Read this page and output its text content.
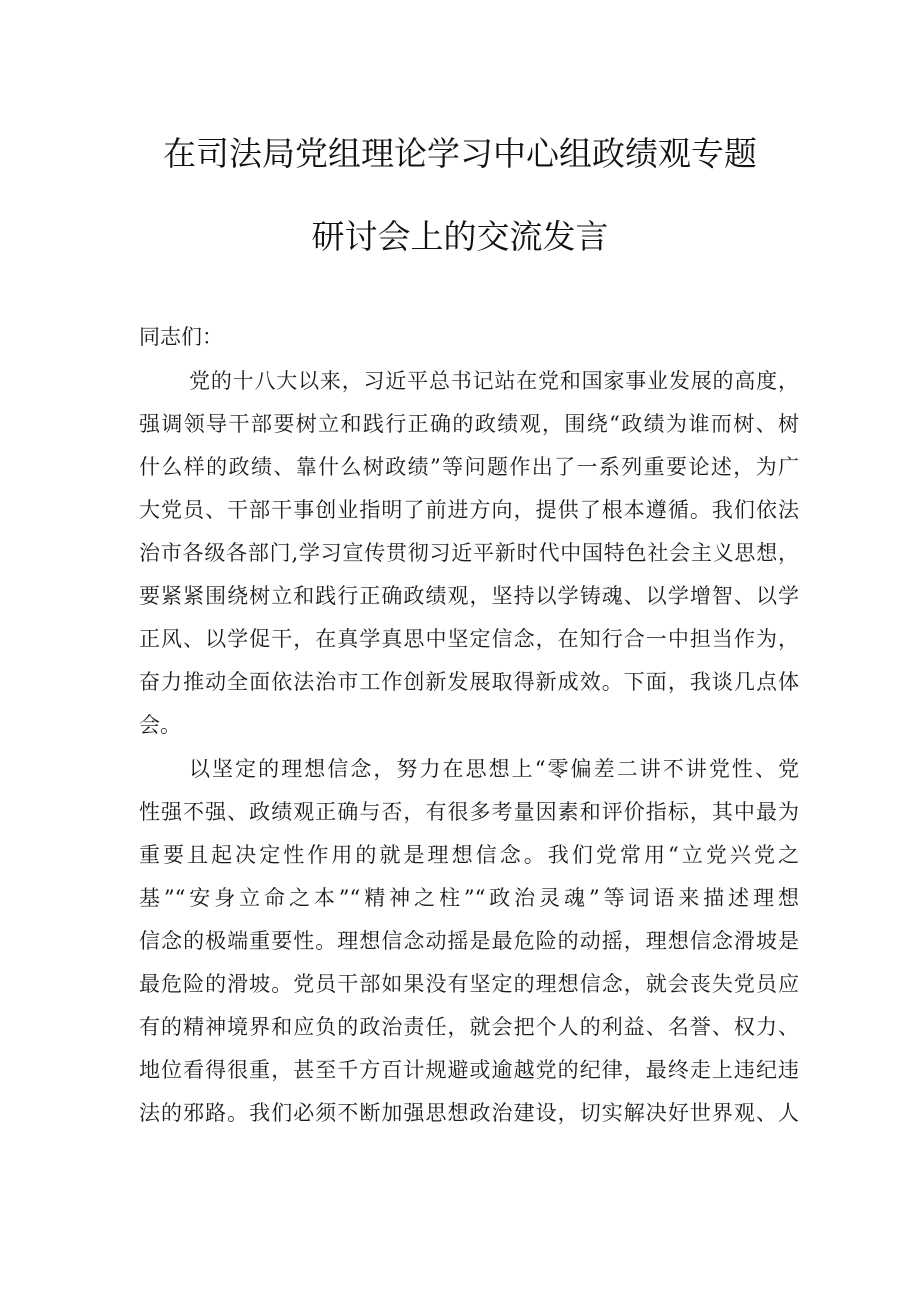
在司法局党组理论学习中心组政绩观专题
研讨会上的交流发言
同志们：
党的十八大以来，习近平总书记站在党和国家事业发展的高度，
强调领导干部要树立和践行正确的政绩观，围绕“政绩为谁而树、树
什么样的政绩、靠什么树政绩”等问题作出了一系列重要论述，为广
大党员、干部干事创业指明了前进方向，提供了根本遵循。我们依法
治市各级各部门,学习宣传贯彻习近平新时代中国特色社会主义思想，
要紧紧围绕树立和践行正确政绩观，坚持以学铸魂、以学增智、以学
正风、以学促干，在真学真思中坚定信念，在知行合一中担当作为，
奋力推动全面依法治市工作创新发展取得新成效。下面，我谈几点体
会。
以坚定的理想信念，努力在思想上“零偏差二讲不讲党性、党
性强不强、政绩观正确与否，有很多考量因素和评价指标，其中最为
重要且起决定性作用的就是理想信念。我们党常用“立党兴党之
基”“安身立命之本”“精神之柱”“政治灵魂”等词语来描述理想
信念的极端重要性。理想信念动摇是最危险的动摇，理想信念滑坡是
最危险的滑坡。党员干部如果没有坚定的理想信念，就会丧失党员应
有的精神境界和应负的政治责任，就会把个人的利益、名誉、权力、
地位看得很重，甚至千方百计规避或逾越党的纪律，最终走上违纪违
法的邪路。我们必须不断加强思想政治建设，切实解决好世界观、人
